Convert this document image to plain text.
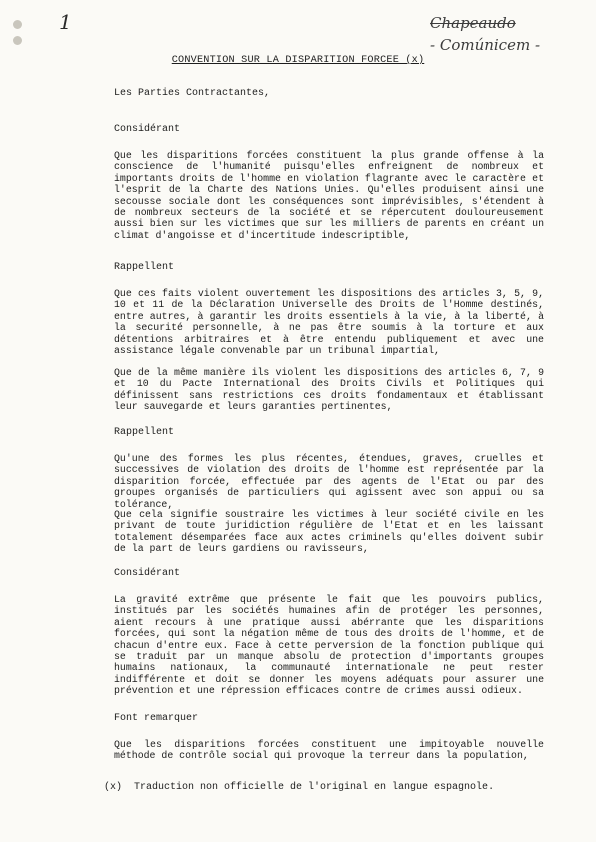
1	Chapeaudo
- Comúnicem -
CONVENTION SUR LA DISPARITION FORCEE (x)
Les Parties Contractantes,
Considérant
Que les disparitions forcées constituent la plus grande offense à la conscience de l'humanité puisqu'elles enfreignent de nombreux et importants droits de l'homme en violation flagrante avec le caractère et l'esprit de la Charte des Nations Unies. Qu'elles produisent ainsi une secousse sociale dont les conséquences sont imprévisibles, s'étendent à de nombreux secteurs de la société et se répercutent douloureusement aussi bien sur les victimes que sur les milliers de parents en créant un climat d'angoisse et d'incertitude indescriptible,
Rappellent
Que ces faits violent ouvertement les dispositions des articles 3, 5, 9, 10 et 11 de la Déclaration Universelle des Droits de l'Homme destinés, entre autres, à garantir les droits essentiels à la vie, à la liberté, à la securité personnelle, à ne pas être soumis à la torture et aux détentions arbitraires et à être entendu publiquement et avec une assistance légale convenable par un tribunal impartial,
Que de la même manière ils violent les dispositions des articles 6, 7, 9 et 10 du Pacte International des Droits Civils et Politiques qui définissent sans restrictions ces droits fondamentaux et établissant leur sauvegarde et leurs garanties pertinentes,
Rappellent
Qu'une des formes les plus récentes, étendues, graves, cruelles et successives de violation des droits de l'homme est représentée par la disparition forcée, effectuée par des agents de l'Etat ou par des groupes organisés de particuliers qui agissent avec son appui ou sa tolérance,
Que cela signifie soustraire les victimes à leur société civile en les privant de toute juridiction régulière de l'Etat et en les laissant totalement désemparées face aux actes criminels qu'elles doivent subir de la part de leurs gardiens ou ravisseurs,
Considérant
La gravité extrême que présente le fait que les pouvoirs publics, institués par les sociétés humaines afin de protéger les personnes, aient recours à une pratique aussi abérrante que les disparitions forcées, qui sont la négation même de tous des droits de l'homme, et de chacun d'entre eux. Face à cette perversion de la fonction publique qui se traduit par un manque absolu de protection d'importants groupes humains nationaux, la communauté internationale ne peut rester indifférente et doit se donner les moyens adéquats pour assurer une prévention et une répression efficaces contre de crimes aussi odieux.
Font remarquer
Que les disparitions forcées constituent une impitoyable nouvelle méthode de contrôle social qui provoque la terreur dans la population,
(x)  Traduction non officielle de l'original en langue espagnole.
